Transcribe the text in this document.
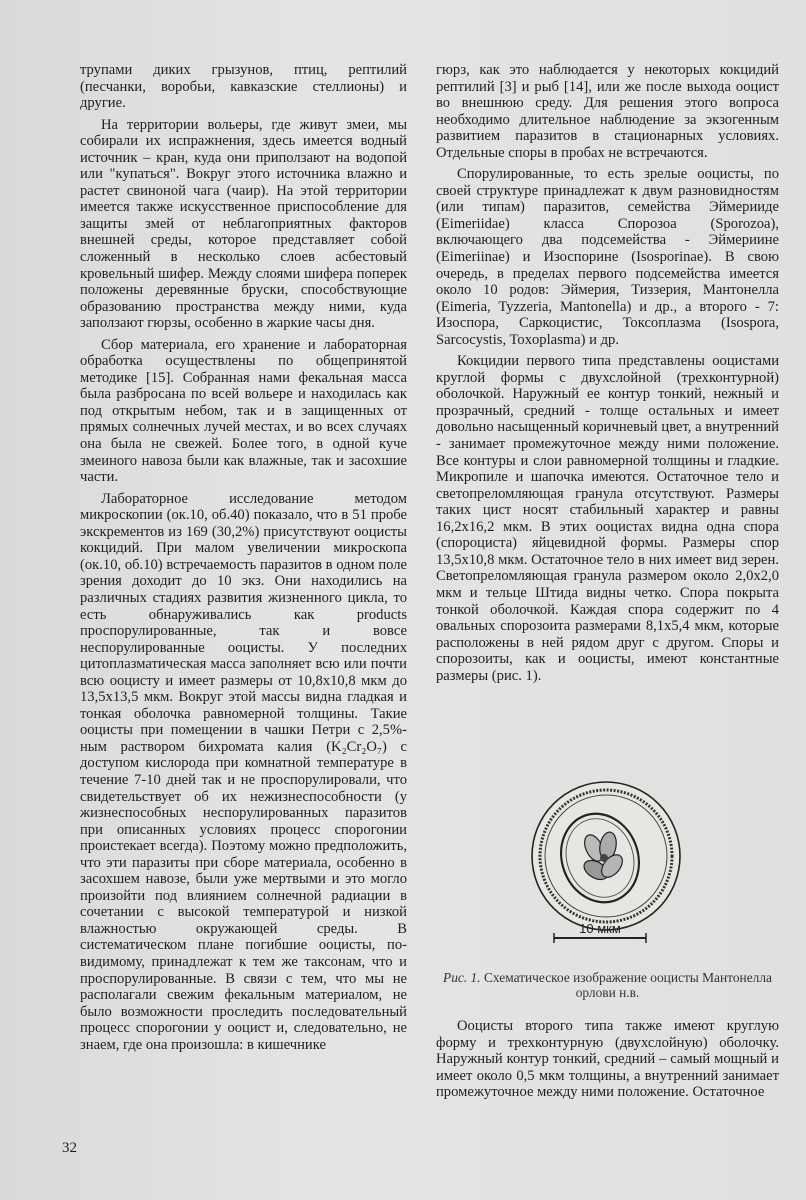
трупами диких грызунов, птиц, рептилий (песчанки, воробьи, кавказские стеллионы) и другие.

На территории вольеры, где живут змеи, мы собирали их испражнения, здесь имеется водный источник – кран, куда они приползают на водопой или "купаться". Вокруг этого источника влажно и растет свиноной чага (чаир). На этой территории имеется также искусственное приспособление для защиты змей от неблагоприятных факторов внешней среды, которое представляет собой сложенный в несколько слоев асбестовый кровельный шифер. Между слоями шифера поперек положены деревянные бруски, способствующие образованию пространства между ними, куда заползают гюрзы, особенно в жаркие часы дня.

Сбор материала, его хранение и лабораторная обработка осуществлены по общепринятой методике [15]. Собранная нами фекальная масса была разбросана по всей вольере и находилась как под открытым небом, так и в защищенных от прямых солнечных лучей местах, и во всех случаях она была не свежей. Более того, в одной куче змеиного навоза были как влажные, так и засохшие части.

Лабораторное исследование методом микроскопии (ок.10, об.40) показало, что в 51 пробе экскрементов из 169 (30,2%) присутствуют ооцисты кокцидий. При малом увеличении микроскопа (ок.10, об.10) встречаемость паразитов в одном поле зрения доходит до 10 экз. Они находились на различных стадиях развития жизненного цикла, то есть обнаруживались как products проспорулированные, так и вовсе неспорулированные ооцисты. У последних цитоплазматическая масса заполняет всю или почти всю ооцисту и имеет размеры от 10,8х10,8 мкм до 13,5х13,5 мкм. Вокруг этой массы видна гладкая и тонкая оболочка равномерной толщины. Такие ооцисты при помещении в чашки Петри с 2,5%-ным раствором бихромата калия (K₂Cr₂O₇) с доступом кислорода при комнатной температуре в течение 7-10 дней так и не проспорулировали, что свидетельствует об их нежизнеспособности (у жизнеспособных неспорулированных паразитов при описанных условиях процесс спорогонии проистекает всегда). Поэтому можно предположить, что эти паразиты при сборе материала, особенно в засохшем навозе, были уже мертвыми и это могло произойти под влиянием солнечной радиации в сочетании с высокой температурой и низкой влажностью окружающей среды. В систематическом плане погибшие ооцисты, по-видимому, принадлежат к тем же таксонам, что и проспорулированные. В связи с тем, что мы не располагали свежим фекальным материалом, не было возможности проследить последовательный процесс спорогонии у ооцист и, следовательно, не знаем, где она произошла: в кишечнике

гюрз, как это наблюдается у некоторых кокцидий рептилий [3] и рыб [14], или же после выхода ооцист во внешнюю среду. Для решения этого вопроса необходимо длительное наблюдение за экзогенным развитием паразитов в стационарных условиях. Отдельные споры в пробах не встречаются.

Спорулированные, то есть зрелые ооцисты, по своей структуре принадлежат к двум разновидностям (или типам) паразитов, семейства Эймерииде (Eimeriidae) класса Спорозоа (Sporozoa), включающего два подсемейства - Эймериине (Eimeriinae) и Изоспорине (Isosporinae). В свою очередь, в пределах первого подсемейства имеется около 10 родов: Эймерия, Тиззерия, Мантонелла (Eimeria, Tyzzeria, Mantonella) и др., а второго - 7: Изоспора, Саркоцистис, Токсоплазма (Isospora, Sarcocystis, Toxoplasma) и др.

Кокцидии первого типа представлены ооцистами круглой формы с двухслойной (трехконтурной) оболочкой. Наружный ее контур тонкий, нежный и прозрачный, средний - толще остальных и имеет довольно насыщенный коричневый цвет, а внутренний - занимает промежуточное между ними положение. Все контуры и слои равномерной толщины и гладкие. Микропиле и шапочка имеются. Остаточное тело и светопреломляющая гранула отсутствуют. Размеры таких цист носят стабильный характер и равны 16,2х16,2 мкм. В этих ооцистах видна одна спора (спороциста) яйцевидной формы. Размеры спор 13,5х10,8 мкм. Остаточное тело в них имеет вид зерен. Светопреломляющая гранула размером около 2,0х2,0 мкм и тельце Штида видны четко. Спора покрыта тонкой оболочкой. Каждая спора содержит по 4 овальных спорозоита размерами 8,1х5,4 мкм, которые расположены в ней рядом друг с другом. Споры и спорозоиты, как и ооцисты, имеют константные размеры (рис. 1).

10 мкм
Рис. 1. Схематическое изображение ооцисты Мантонелла орлови н.в.

Ооцисты второго типа также имеют круглую форму и трехконтурную (двухслойную) оболочку. Наружный контур тонкий, средний – самый мощный и имеет около 0,5 мкм толщины, а внутренний занимает промежуточное между ними положение. Остаточное

32
